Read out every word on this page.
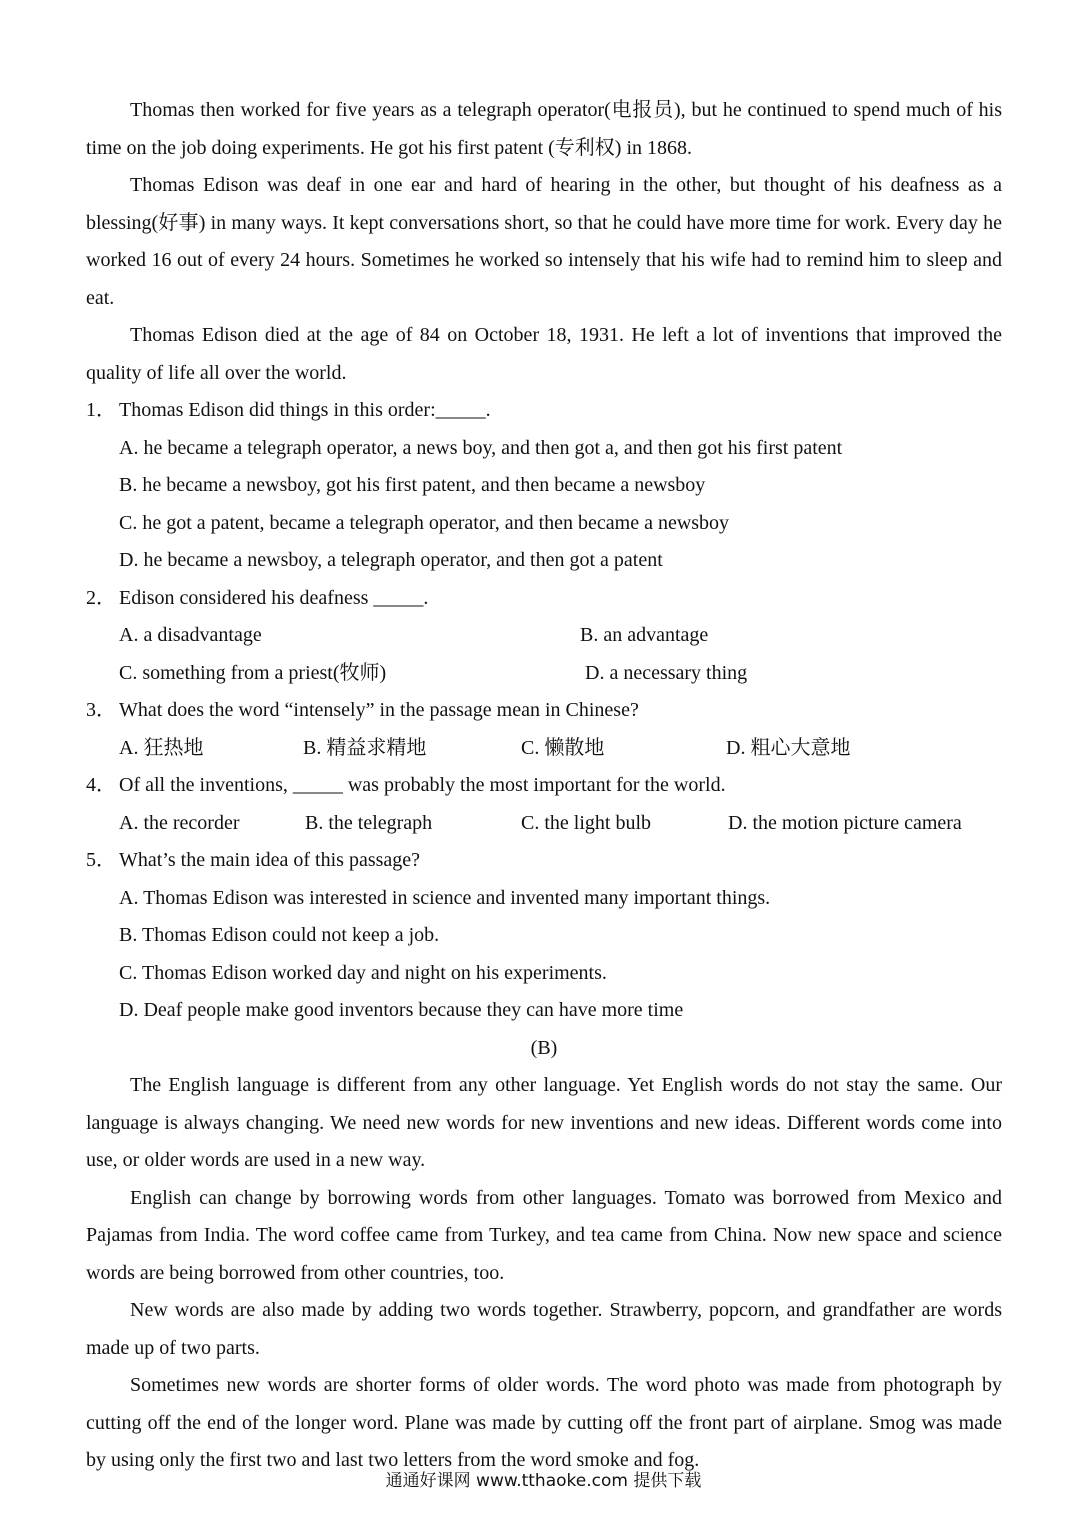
Thomas then worked for five years as a telegraph operator(电报员), but he continued to spend much of his time on the job doing experiments. He got his first patent (专利权) in 1868.

Thomas Edison was deaf in one ear and hard of hearing in the other, but thought of his deafness as a blessing(好事) in many ways. It kept conversations short, so that he could have more time for work. Every day he worked 16 out of every 24 hours. Sometimes he worked so intensely that his wife had to remind him to sleep and eat.

Thomas Edison died at the age of 84 on October 18, 1931. He left a lot of inventions that improved the quality of life all over the world.

1． Thomas Edison did things in this order:_____.
A. he became a telegraph operator, a news boy, and then got a, and then got his first patent
B. he became a newsboy, got his first patent, and then became a newsboy
C. he got a patent, became a telegraph operator, and then became a newsboy
D. he became a newsboy, a telegraph operator, and then got a patent
2． Edison considered his deafness _____.
A. a disadvantage	B. an advantage
C. something from a priest(牧师)	D. a necessary thing
3． What does the word “intensely” in the passage mean in Chinese?
A. 狂热地	B. 精益求精地	C. 懒散地	D. 粗心大意地
4． Of all the inventions, _____ was probably the most important for the world.
A. the recorder	B. the telegraph	C. the light bulb	D. the motion picture camera
5． What’s the main idea of this passage?
A. Thomas Edison was interested in science and invented many important things.
B. Thomas Edison could not keep a job.
C. Thomas Edison worked day and night on his experiments.
D. Deaf people make good inventors because they can have more time
(B)

The English language is different from any other language. Yet English words do not stay the same. Our language is always changing. We need new words for new inventions and new ideas. Different words come into use, or older words are used in a new way.

English can change by borrowing words from other languages. Tomato was borrowed from Mexico and Pajamas from India. The word coffee came from Turkey, and tea came from China. Now new space and science words are being borrowed from other countries, too.

New words are also made by adding two words together. Strawberry, popcorn, and grandfather are words made up of two parts.

Sometimes new words are shorter forms of older words. The word photo was made from photograph by cutting off the end of the longer word. Plane was made by cutting off the front part of airplane. Smog was made by using only the first two and last two letters from the word smoke and fog.

通通好课网 www.tthaoke.com 提供下载
